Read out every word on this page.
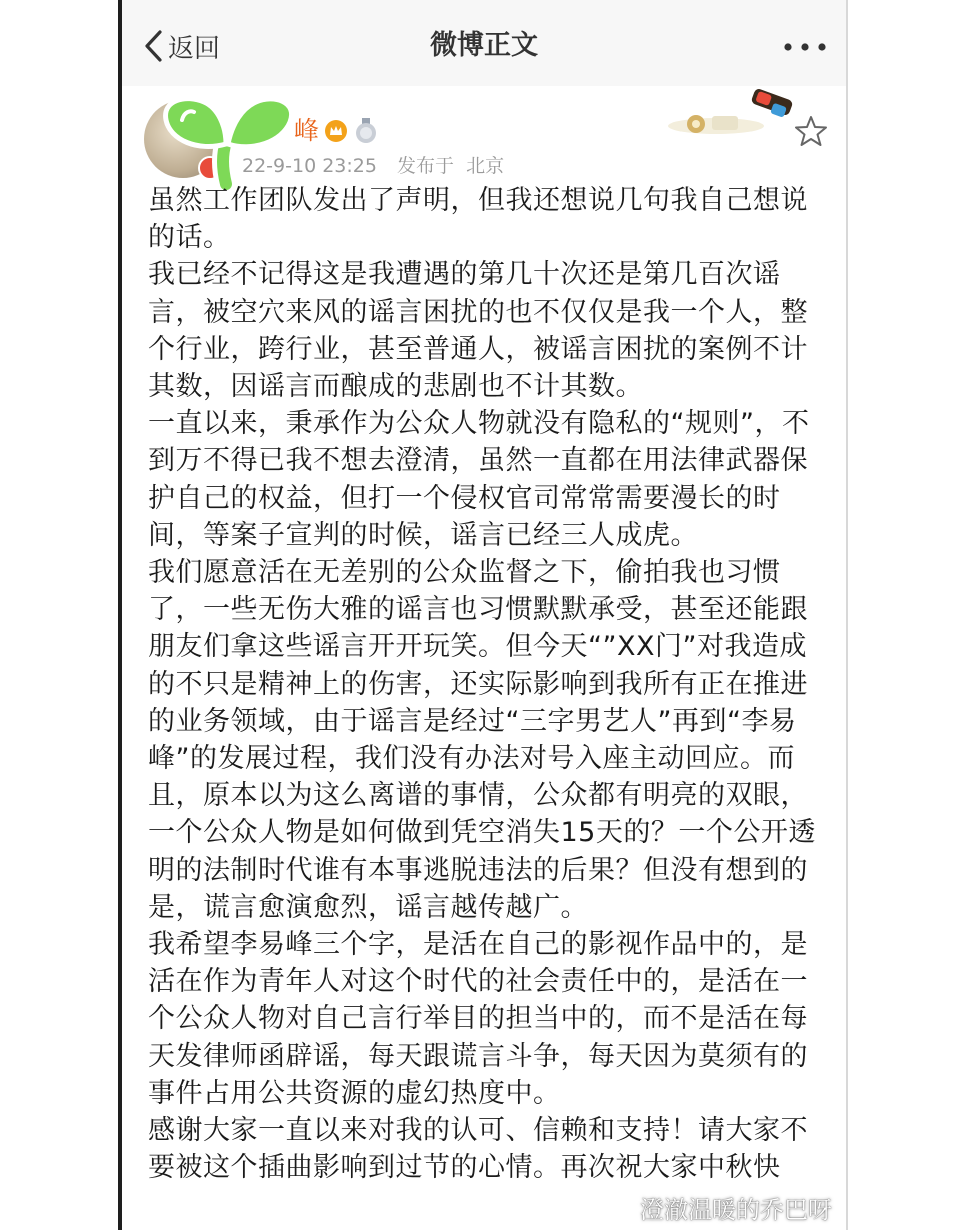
返回	微博正文
峰
22-9-10 23:25 发布于 北京

虽然工作团队发出了声明，但我还想说几句我自己想说
的话。

我已经不记得这是我遭遇的第几十次还是第几百次谣
言，被空穴来风的谣言困扰的也不仅仅是我一个人，整
个行业，跨行业，甚至普通人，被谣言困扰的案例不计
其数，因谣言而酿成的悲剧也不计其数。

一直以来，秉承作为公众人物就没有隐私的“规则”，不
到万不得已我不想去澄清，虽然一直都在用法律武器保
护自己的权益，但打一个侵权官司常常需要漫长的时
间，等案子宣判的时候，谣言已经三人成虎。

我们愿意活在无差别的公众监督之下，偷拍我也习惯
了，一些无伤大雅的谣言也习惯默默承受，甚至还能跟
朋友们拿这些谣言开开玩笑。但今天“”XX门”对我造成
的不只是精神上的伤害，还实际影响到我所有正在推进
的业务领域，由于谣言是经过“三字男艺人”再到“李易
峰”的发展过程，我们没有办法对号入座主动回应。而
且，原本以为这么离谱的事情，公众都有明亮的双眼，
一个公众人物是如何做到凭空消失15天的？一个公开透
明的法制时代谁有本事逃脱违法的后果？但没有想到的
是，谎言愈演愈烈，谣言越传越广。

我希望李易峰三个字，是活在自己的影视作品中的，是
活在作为青年人对这个时代的社会责任中的，是活在一
个公众人物对自己言行举目的担当中的，而不是活在每
天发律师函辟谣，每天跟谎言斗争，每天因为莫须有的
事件占用公共资源的虚幻热度中。

感谢大家一直以来对我的认可、信赖和支持！请大家不
要被这个插曲影响到过节的心情。再次祝大家中秋快

澄澈温暖的乔巴呀
